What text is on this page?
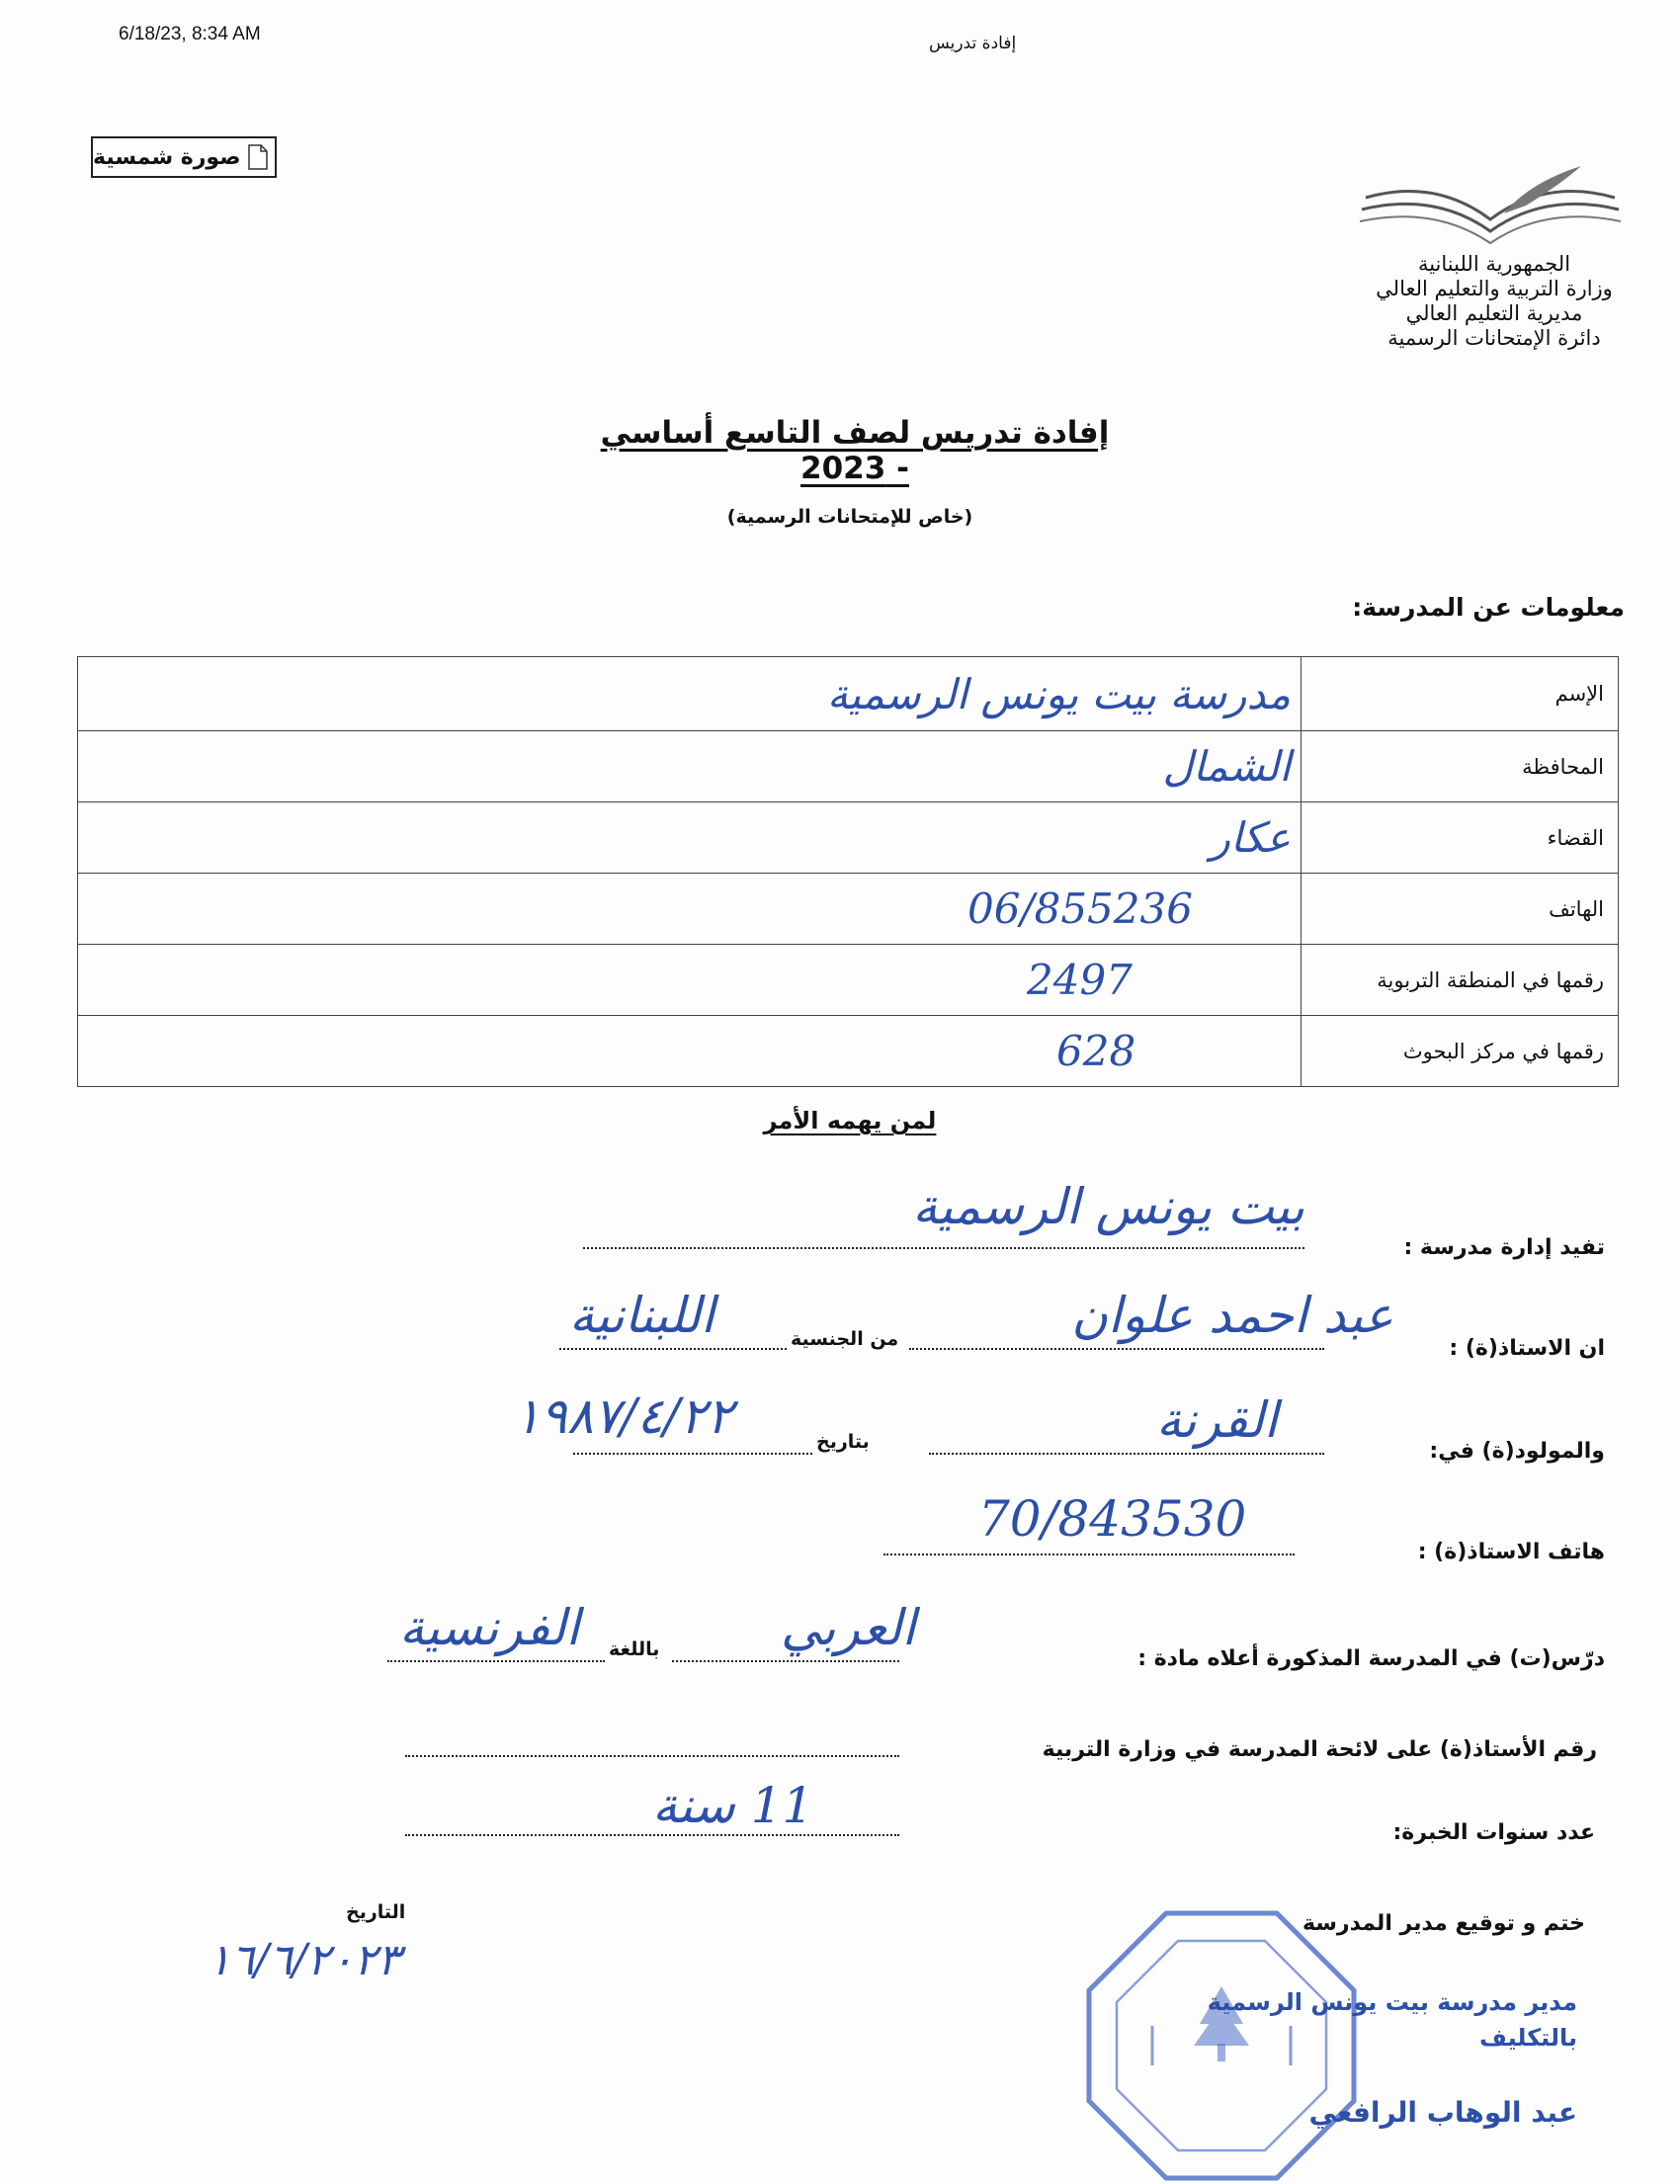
6/18/23, 8:34 AM	إفادة تدريس
صورة شمسية
الجمهورية اللبنانية
وزارة التربية والتعليم العالي
مديرية التعليم العالي
دائرة الإمتحانات الرسمية
إفادة تدريس لصف التاسع أساسي - 2023
(خاص للإمتحانات الرسمية)
معلومات عن المدرسة:
الإسم	مدرسة بيت يونس الرسمية
المحافظة	الشمال
القضاء	عكار
الهاتف	06/855236
رقمها في المنطقة التربوية	2497
رقمها في مركز البحوث	628
لمن يهمه الأمر
تفيد إدارة مدرسة :
بيت يونس الرسمية
ان الاستاذ(ة) :
عبد احمد علوان
من الجنسية
اللبنانية
والمولود(ة) في:
القرنة
بتاريخ
١٩٨٧/٤/٢٢
هاتف الاستاذ(ة) :
70/843530
درّس(ت) في المدرسة المذكورة أعلاه مادة :
العربي
باللغة
الفرنسية
رقم الأستاذ(ة) على لائحة المدرسة في وزارة التربية
عدد سنوات الخبرة:
11 سنة
ختم و توقيع مدير المدرسة
التاريخ
١٦/٦/٢٠٢٣
مدير مدرسة بيت يونس الرسمية
بالتكليف
عبد الوهاب الرافعي
